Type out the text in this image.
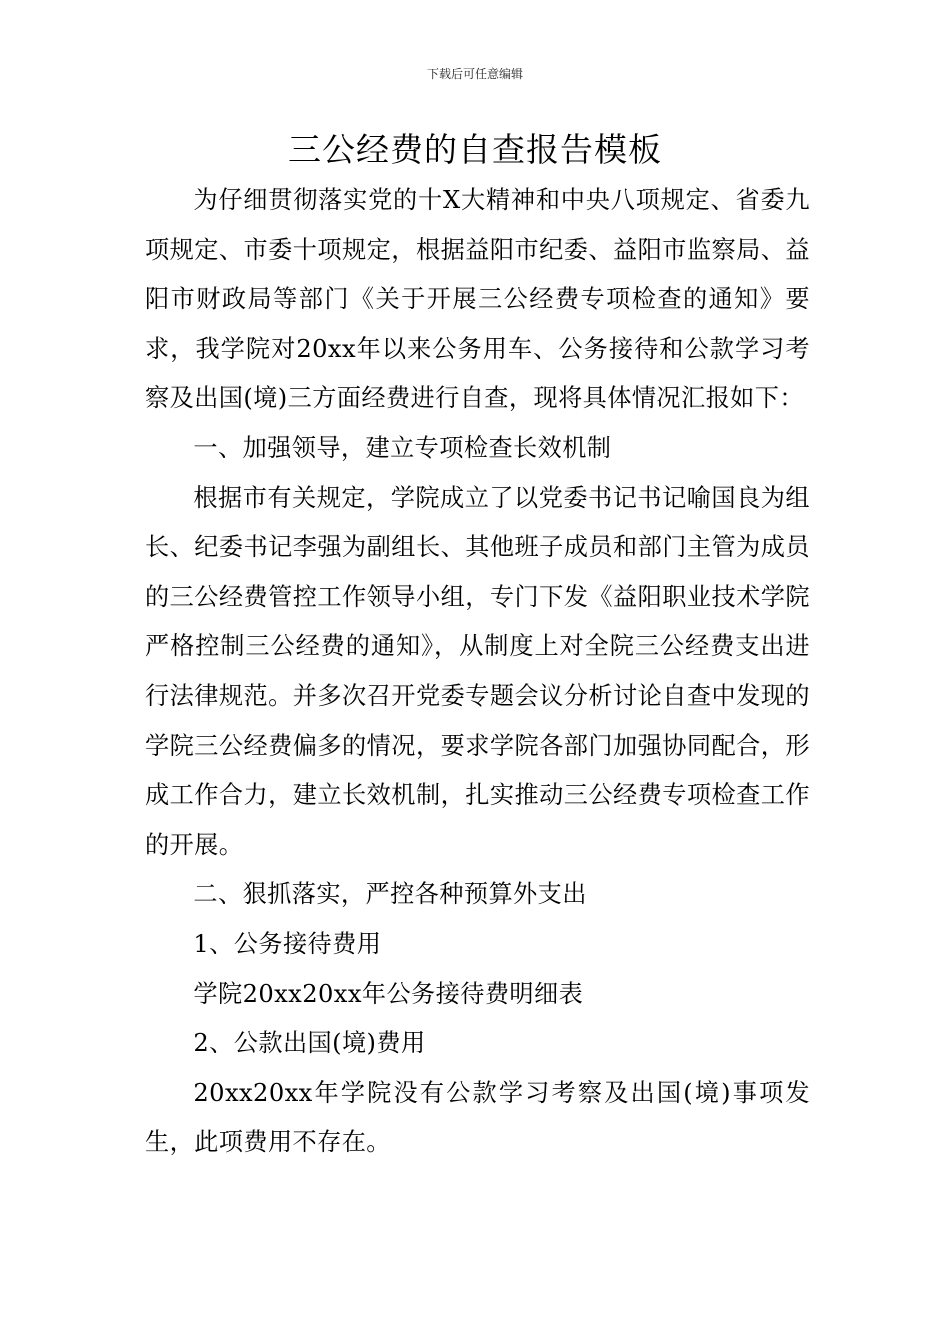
下载后可任意编辑
三公经费的自查报告模板

为仔细贯彻落实党的十X大精神和中央八项规定、省委九项规定、市委十项规定，根据益阳市纪委、益阳市监察局、益阳市财政局等部门《关于开展三公经费专项检查的通知》要求，我学院对20xx年以来公务用车、公务接待和公款学习考察及出国(境)三方面经费进行自查，现将具体情况汇报如下：

一、加强领导，建立专项检查长效机制

根据市有关规定，学院成立了以党委书记书记喻国良为组长、纪委书记李强为副组长、其他班子成员和部门主管为成员的三公经费管控工作领导小组，专门下发《益阳职业技术学院严格控制三公经费的通知》，从制度上对全院三公经费支出进行法律规范。并多次召开党委专题会议分析讨论自查中发现的学院三公经费偏多的情况，要求学院各部门加强协同配合，形成工作合力，建立长效机制，扎实推动三公经费专项检查工作的开展。

二、狠抓落实，严控各种预算外支出

1、公务接待费用

学院20xx20xx年公务接待费明细表

2、公款出国(境)费用

20xx20xx年学院没有公款学习考察及出国(境)事项发生，此项费用不存在。
